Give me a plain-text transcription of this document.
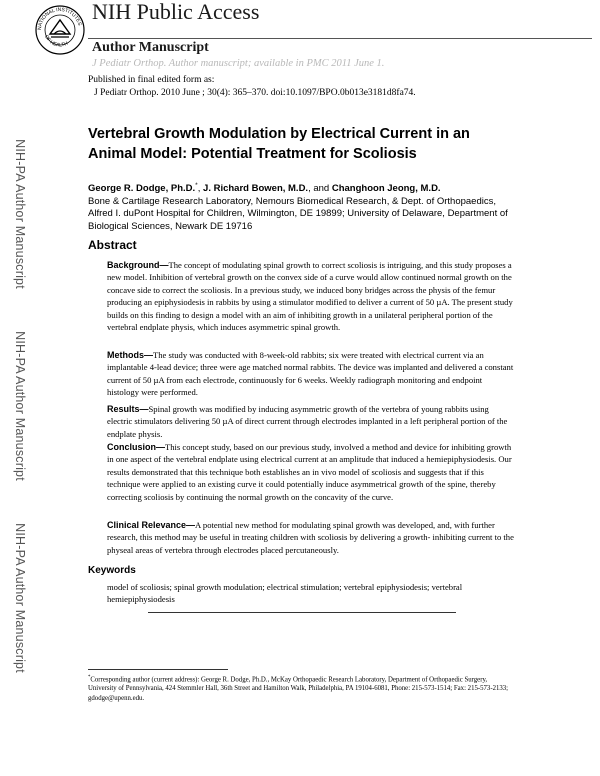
NATIONAL INSTITUTES
OF HEALTH
NIH Public Access
Author Manuscript
J Pediatr Orthop. Author manuscript; available in PMC 2011 June 1.
NIH-PA Author Manuscript
NIH-PA Author Manuscript
NIH-PA Author Manuscript
Published in final edited form as:
J Pediatr Orthop. 2010 June ; 30(4): 365–370. doi:10.1097/BPO.0b013e3181d8fa74.
Vertebral Growth Modulation by Electrical Current in an Animal Model: Potential Treatment for Scoliosis
George R. Dodge, Ph.D.*, J. Richard Bowen, M.D., and Changhoon Jeong, M.D.
Bone & Cartilage Research Laboratory, Nemours Biomedical Research, & Dept. of Orthopaedics, Alfred I. duPont Hospital for Children, Wilmington, DE 19899; University of Delaware, Department of Biological Sciences, Newark DE 19716
Abstract
Background—The concept of modulating spinal growth to correct scoliosis is intriguing, and this study proposes a new model. Inhibition of vertebral growth on the convex side of a curve would allow continued normal growth on the concave side to correct the scoliosis. In a previous study, we induced bony bridges across the physis of the femur producing an epiphysiodesis in rabbits by using a stimulator modified to deliver a current of 50 µA. The present study builds on this finding to design a model with an aim of inhibiting growth in a unilateral peripheral portion of the vertebral endplate physis, which induces asymmetric spinal growth.
Methods—The study was conducted with 8-week-old rabbits; six were treated with electrical current via an implantable 4-lead device; three were age matched normal rabbits. The device was implanted and delivered a constant current of 50 µA from each electrode, continuously for 6 weeks. Weekly radiograph monitoring and endpoint histology were performed.
Results—Spinal growth was modified by inducing asymmetric growth of the vertebra of young rabbits using electric stimulators delivering 50 µA of direct current through electrodes implanted in a left peripheral portion of the endplate physis.
Conclusion—This concept study, based on our previous study, involved a method and device for inhibiting growth in one aspect of the vertebral endplate using electrical current at an amplitude that induced a hemiepiphysiodesis. Our results demonstrated that this technique both establishes an in vivo model of scoliosis and suggests that if this technique were applied to an existing curve it could potentially induce asymmetrical growth of the spine, thereby correcting scoliosis by continuing the normal growth on the concavity of the curve.
Clinical Relevance—A potential new method for modulating spinal growth was developed, and, with further research, this method may be useful in treating children with scoliosis by delivering a growth- inhibiting current to the physeal areas of vertebra through electrodes placed percutaneously.
Keywords
model of scoliosis; spinal growth modulation; electrical stimulation; vertebral epiphysiodesis; vertebral hemiepiphysiodesis
*Corresponding author (current address): George R. Dodge, Ph.D., McKay Orthopaedic Research Laboratory, Department of Orthopaedic Surgery, University of Pennsylvania, 424 Stemmler Hall, 36th Street and Hamilton Walk, Philadelphia, PA 19104-6081, Phone: 215-573-1514; Fax: 215-573-2133; gdodge@upenn.edu.
